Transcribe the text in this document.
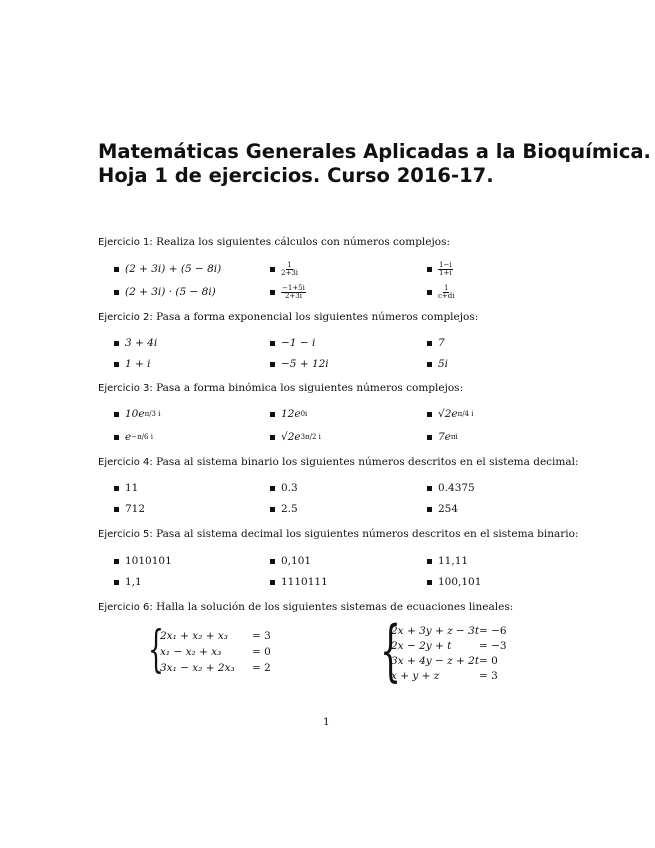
Matemáticas Generales Aplicadas a la Bioquímica.
Hoja 1 de ejercicios. Curso 2016-17.
Ejercicio 1: Realiza los siguientes cálculos con números complejos:
(2 + 3i) + (5 − 8i)	$\frac{1}{2+3i}$	$\frac{1-i}{1+i}$
(2 + 3i) · (5 − 8i)	$\frac{-1+5i}{2+3i}$	$\frac{1}{c+di}$
Ejercicio 2: Pasa a forma exponencial los siguientes números complejos:
3 + 4i	−1 − i	7
1 + i	−5 + 12i	5i
Ejercicio 3: Pasa a forma binómica los siguientes números complejos:
10e π/3 i	12e 0i	√2e π/4 i
e −π/6 i	√2e 3π/2 i	7e πi
Ejercicio 4: Pasa al sistema binario los siguientes números descritos en el sistema decimal:
11	0.3	0.4375
712	2.5	254
Ejercicio 5: Pasa al sistema decimal los siguientes números descritos en el sistema binario:
1010101	0,101	11,11
1,1	1110111	100,101
Ejercicio 6: Halla la solución de los siguientes sistemas de ecuaciones lineales:
{
2x₁ + x₂ + x₃ = 3
x₁ − x₂ + x₃	= 0
3x₁ − x₂ + 2x₃ = 2 {
2x + 3y + z − 3t = −6
2x − 2y + t	= −3
3x + 4y − z + 2t = 0
x + y + z	= 3
1
